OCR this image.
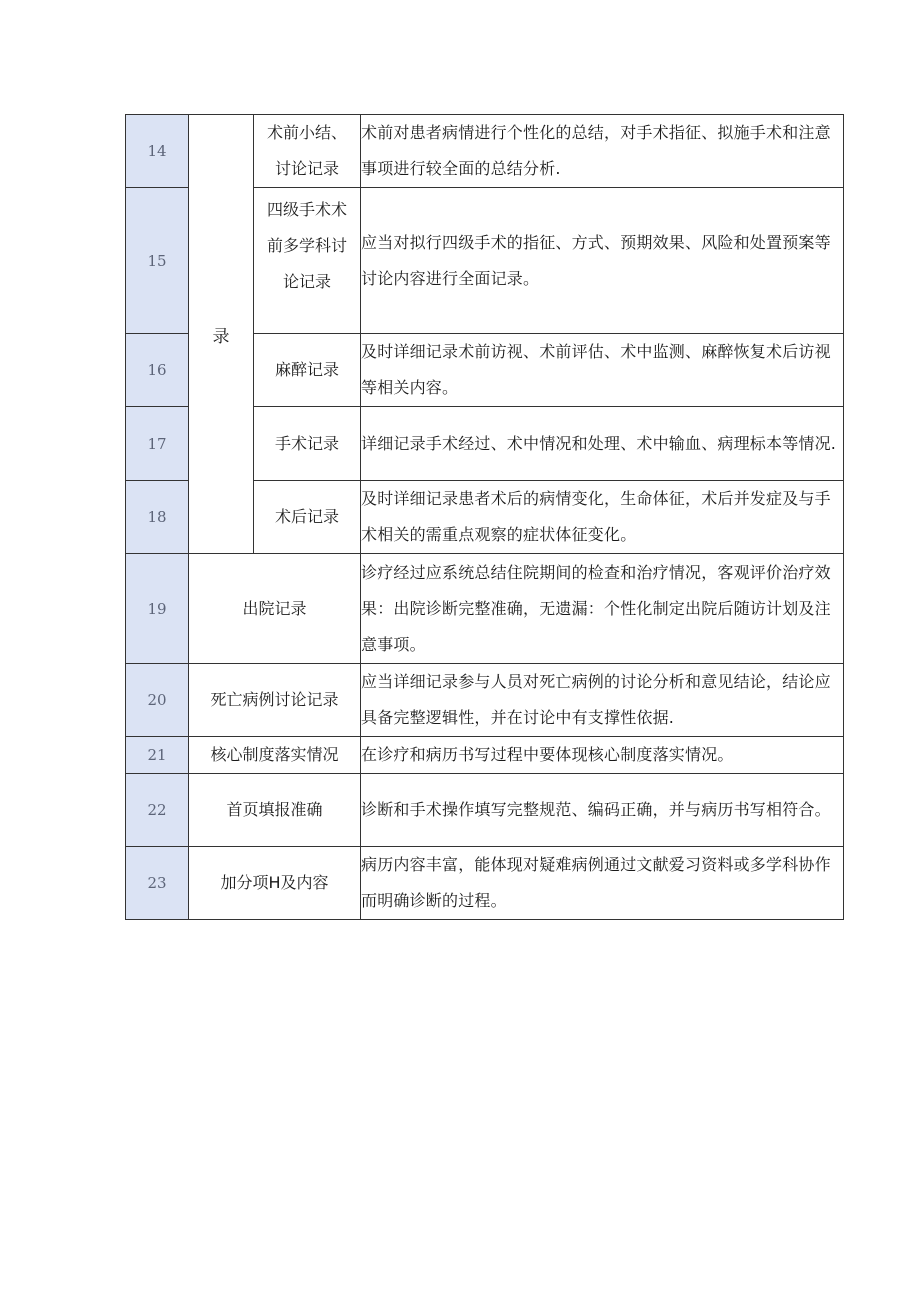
14	录	术前小结、
讨论记录	术前对患者病情进行个性化的总结，对手术指征、拟施手术和注意事项进行较全面的总结分析.
15		四级手术术
前多学科讨
论记录	应当对拟行四级手术的指征、方式、预期效果、风险和处置预案等讨论内容进行全面记录。
16		麻醉记录	及时详细记录术前访视、术前评估、术中监测、麻醉恢复术后访视等相关内容。
17		手术记录	详细记录手术经过、术中情况和处理、术中输血、病理标本等情况.
18		术后记录	及时详细记录患者术后的病情变化，生命体征，术后并发症及与手术相关的需重点观察的症状体征变化。
19	出院记录		诊疗经过应系统总结住院期间的检查和治疗情况，客观评价治疗效果：出院诊断完整准确，无遗漏：个性化制定出院后随访计划及注意事项。
20	死亡病例讨论记录		应当详细记录参与人员对死亡病例的讨论分析和意见结论，结论应具备完整逻辑性，并在讨论中有支撑性依据.
21	核心制度落实情况		在诊疗和病历书写过程中要体现核心制度落实情况。
22	首页填报准确		诊断和手术操作填写完整规范、编码正确，并与病历书写相符合。
23	加分项H及内容		病历内容丰富，能体现对疑难病例通过文献爱习资料或多学科协作而明确诊断的过程。
